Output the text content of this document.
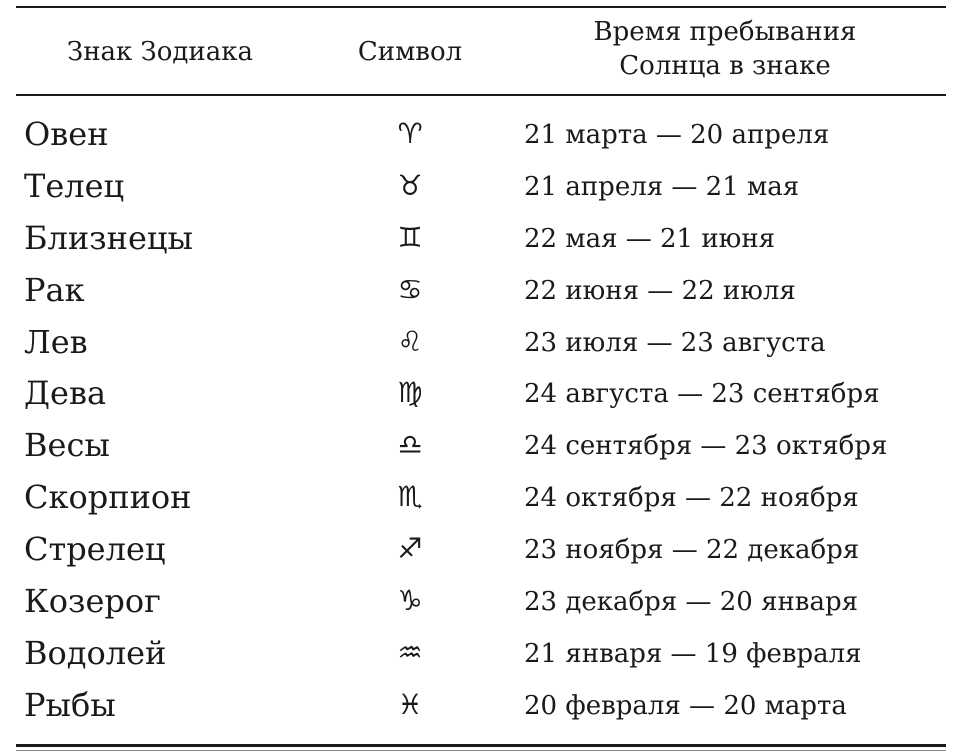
Знак Зодиака	Символ
Время пребывания
Солнца в знаке
Овен	♈︎	21 марта — 20 апреля
Телец	♉︎	21 апреля — 21 мая
Близнецы	♊︎	22 мая — 21 июня
Рак	♋︎	22 июня — 22 июля
Лев	♌︎	23 июля — 23 августа
Дева	♍︎	24 августа — 23 сентября
Весы	♎︎	24 сентября — 23 октября
Скорпион	♏︎	24 октября — 22 ноября
Стрелец	♐︎	23 ноября — 22 декабря
Козерог	♑︎	23 декабря — 20 января
Водолей	♒︎	21 января — 19 февраля
Рыбы	♓︎	20 февраля — 20 марта
